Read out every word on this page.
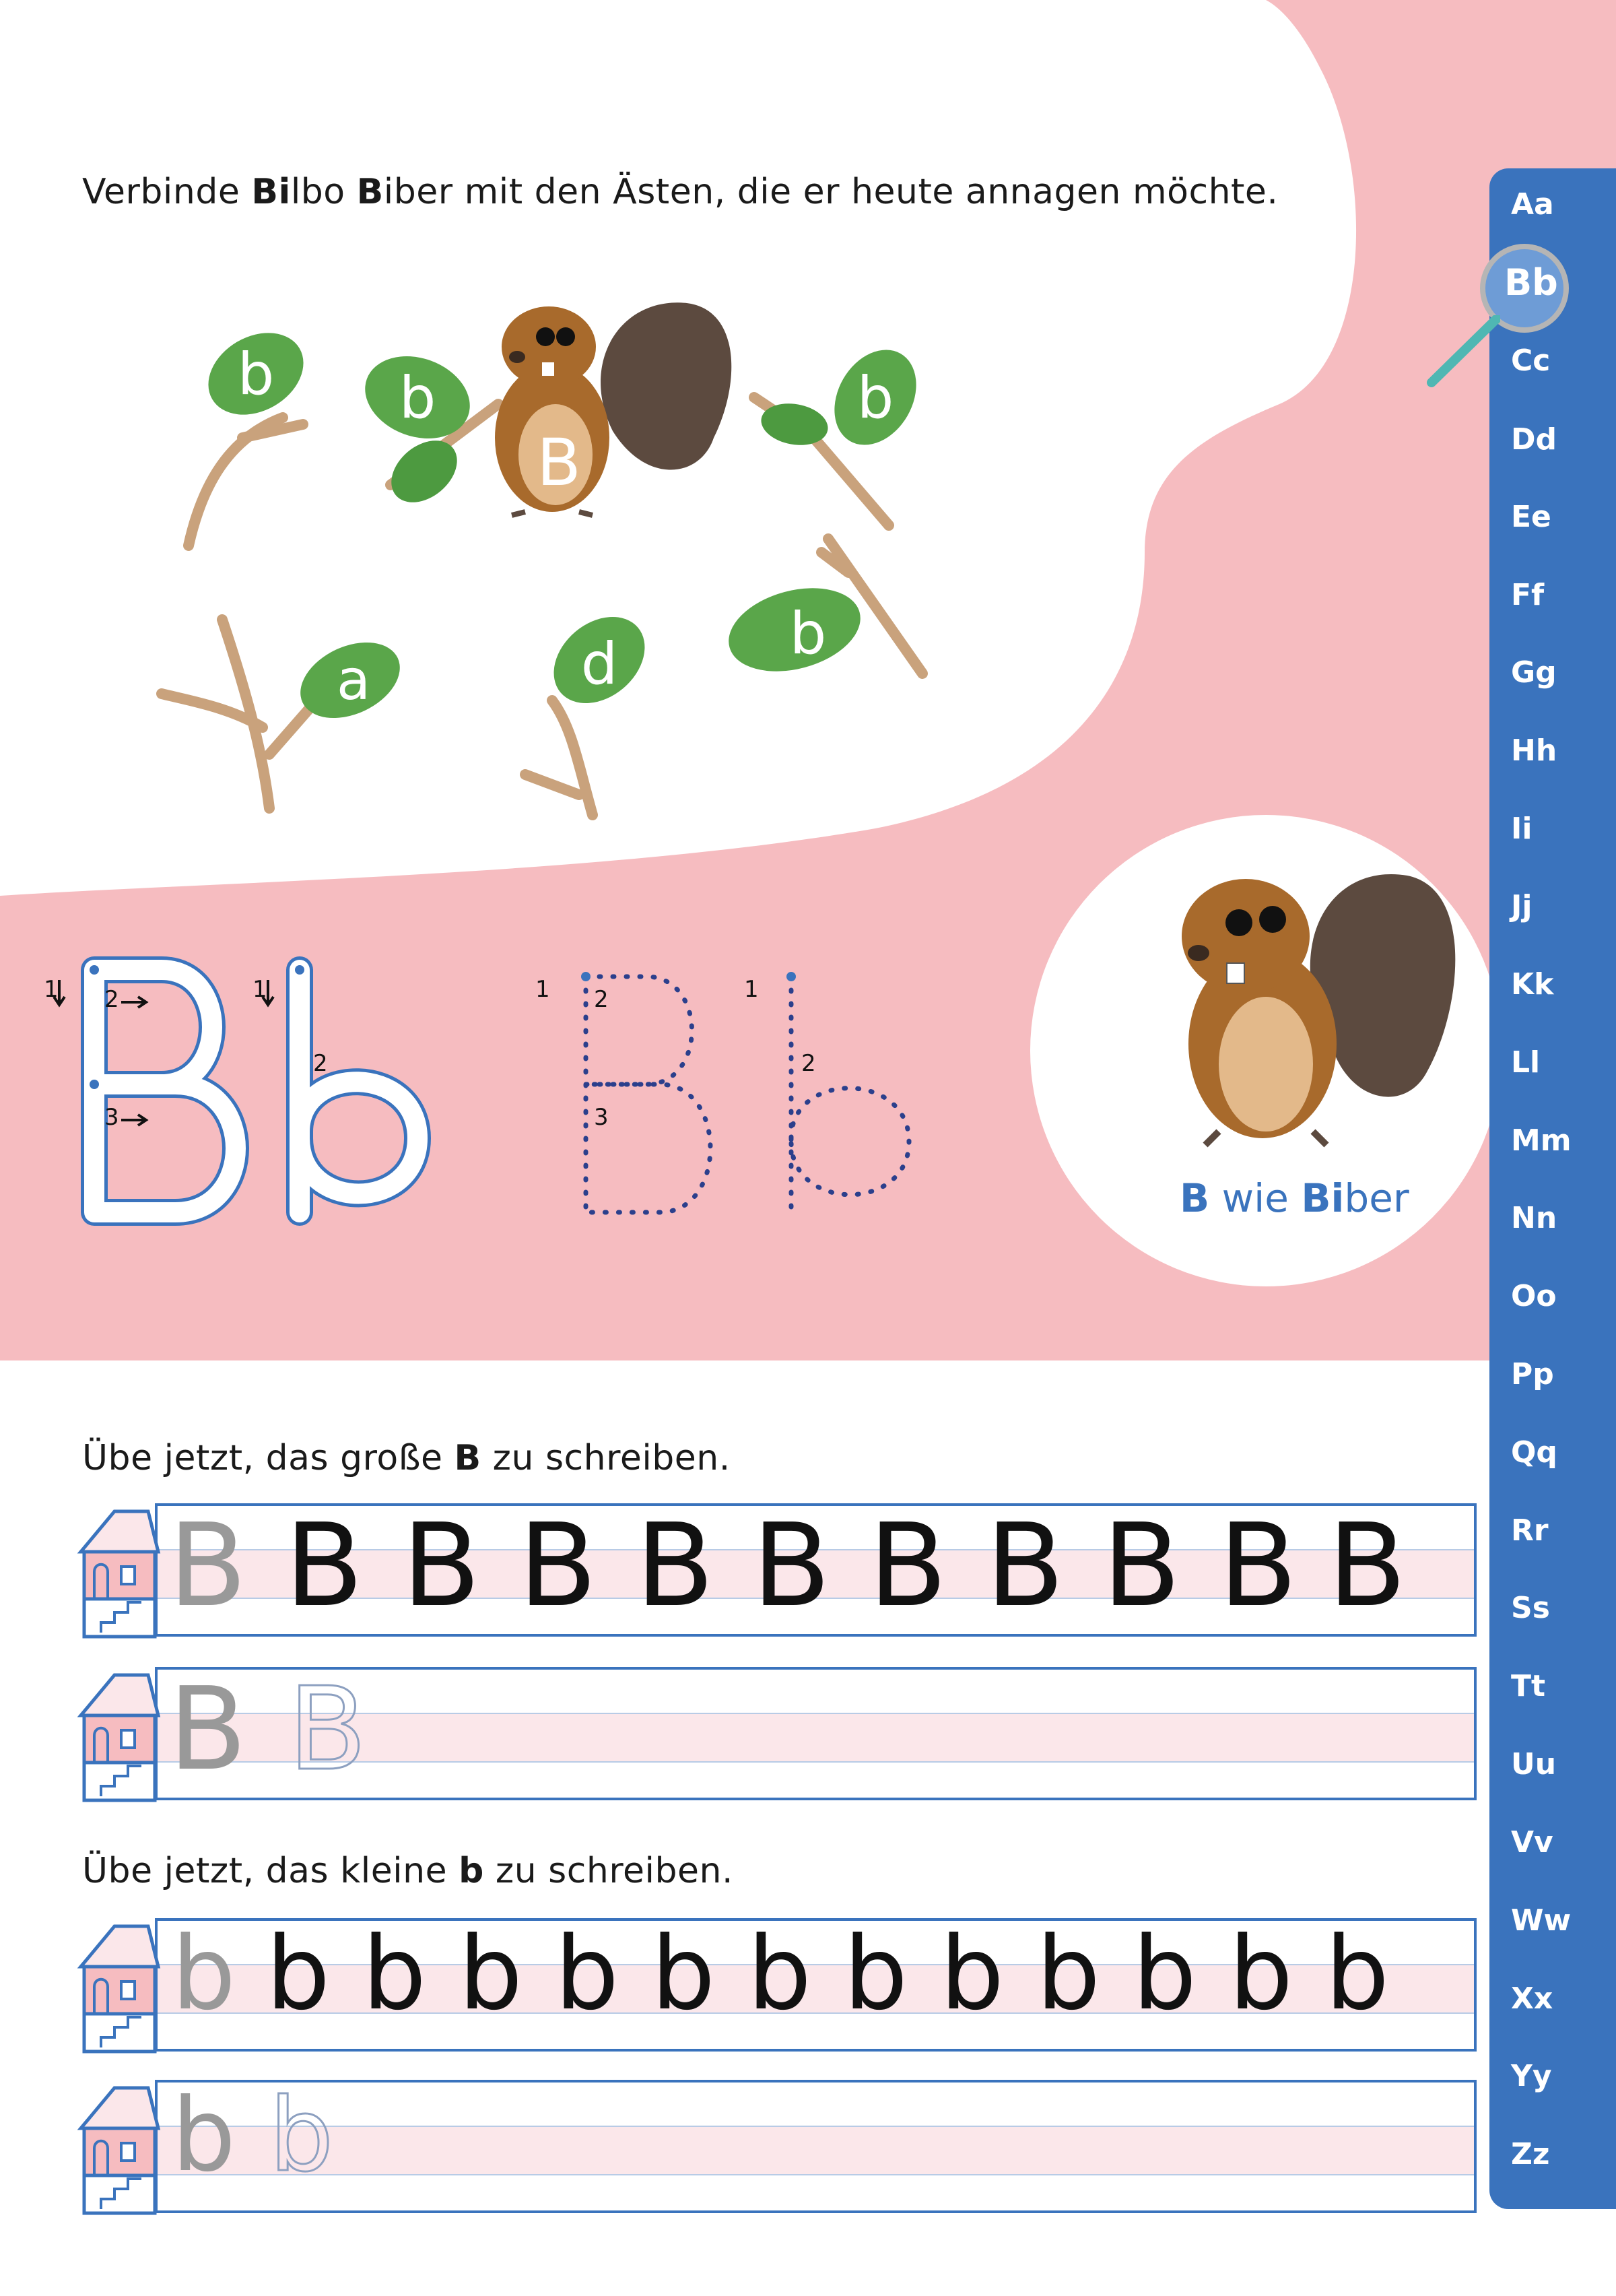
Verbinde Bilbo Biber mit den Ästen, die er heute annagen möchte.
b b	b
a	d	b
B
1 2
3
1
2
1 2
3
1
2
B wie Biber
Übe jetzt, das große B zu schreiben.
B B B B B B B B B B B
B B
Übe jetzt, das kleine b zu schreiben.
b b b b b b b b b b b b b
b b
Aa
Bb
Cc
Dd
Ee
Ff
Gg
Hh
Ii
Jj
Kk
Ll
Mm
Nn
Oo
Pp
Qq
Rr
Ss
Tt
Uu
Vv
Ww
Xx
Yy
Zz
